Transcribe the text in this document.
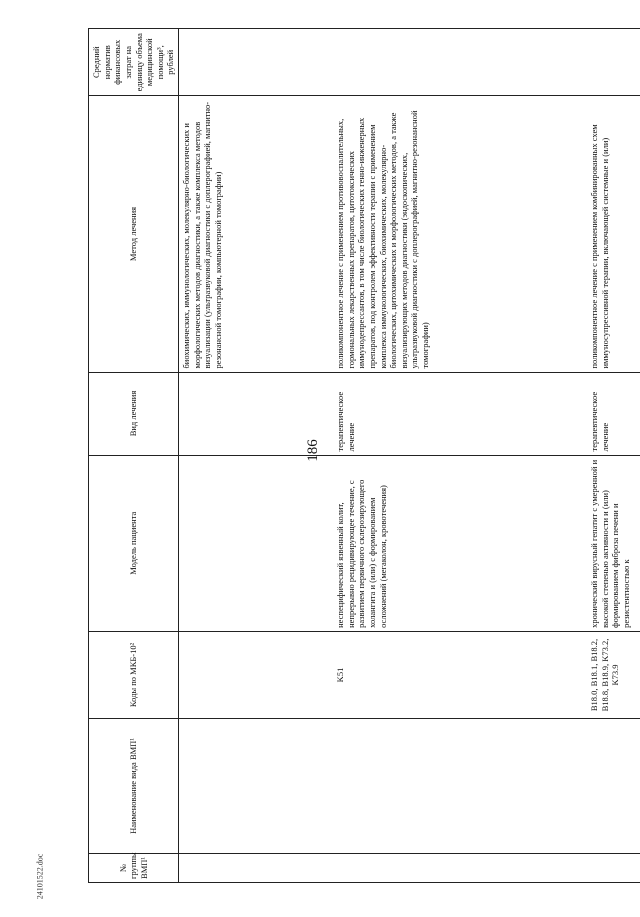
186
24101522.doc	№ группы ВМП¹	Наименование вида ВМП¹	Коды по МКБ-10²	Модель пациента	Вид лечения	Метод лечения	Средний норматив финансовых затрат на единицу объема медицинской помощи³, рублей
					биохимических, иммунологических, молекулярно-биологических и морфологических методов диагностики, а также комплекса методов визуализации (ультразвуковой диагностики с доплерографией, магнитно-резонансной томографии, компьютерной томографии)	
		K51	неспецифический язвенный колит, непрерывно рецидивирующее течение, с развитием первичного склерозирующего холангита и (или) с формированием осложнений (мегаколон, кровотечения)	терапевтическое лечение	поликомпонентное лечение с применением противовоспалительных, гормональных лекарственных препаратов, цитотоксических иммунодепрессантов, в том числе биологических генно-инженерных препаратов, под контролем эффективности терапии с применением комплекса иммунологических, биохимических, молекулярно-биологических, цитохимических и морфологических методов, а также визуализирующих методов диагностики (эндоскопических, ультразвуковой диагностики с доплерографией, магнитно-резонансной томографии)	
		B18.0, B18.1, B18.2, B18.8, B18.9, K73.2, K73.9	хронический вирусный гепатит с умеренной и высокой степенью активности и (или) формированием фиброза печени и резистентностью к	терапевтическое лечение	поликомпонентное лечение с применением комбинированных схем иммуносупрессивной терапии, включающей системные и (или)	
